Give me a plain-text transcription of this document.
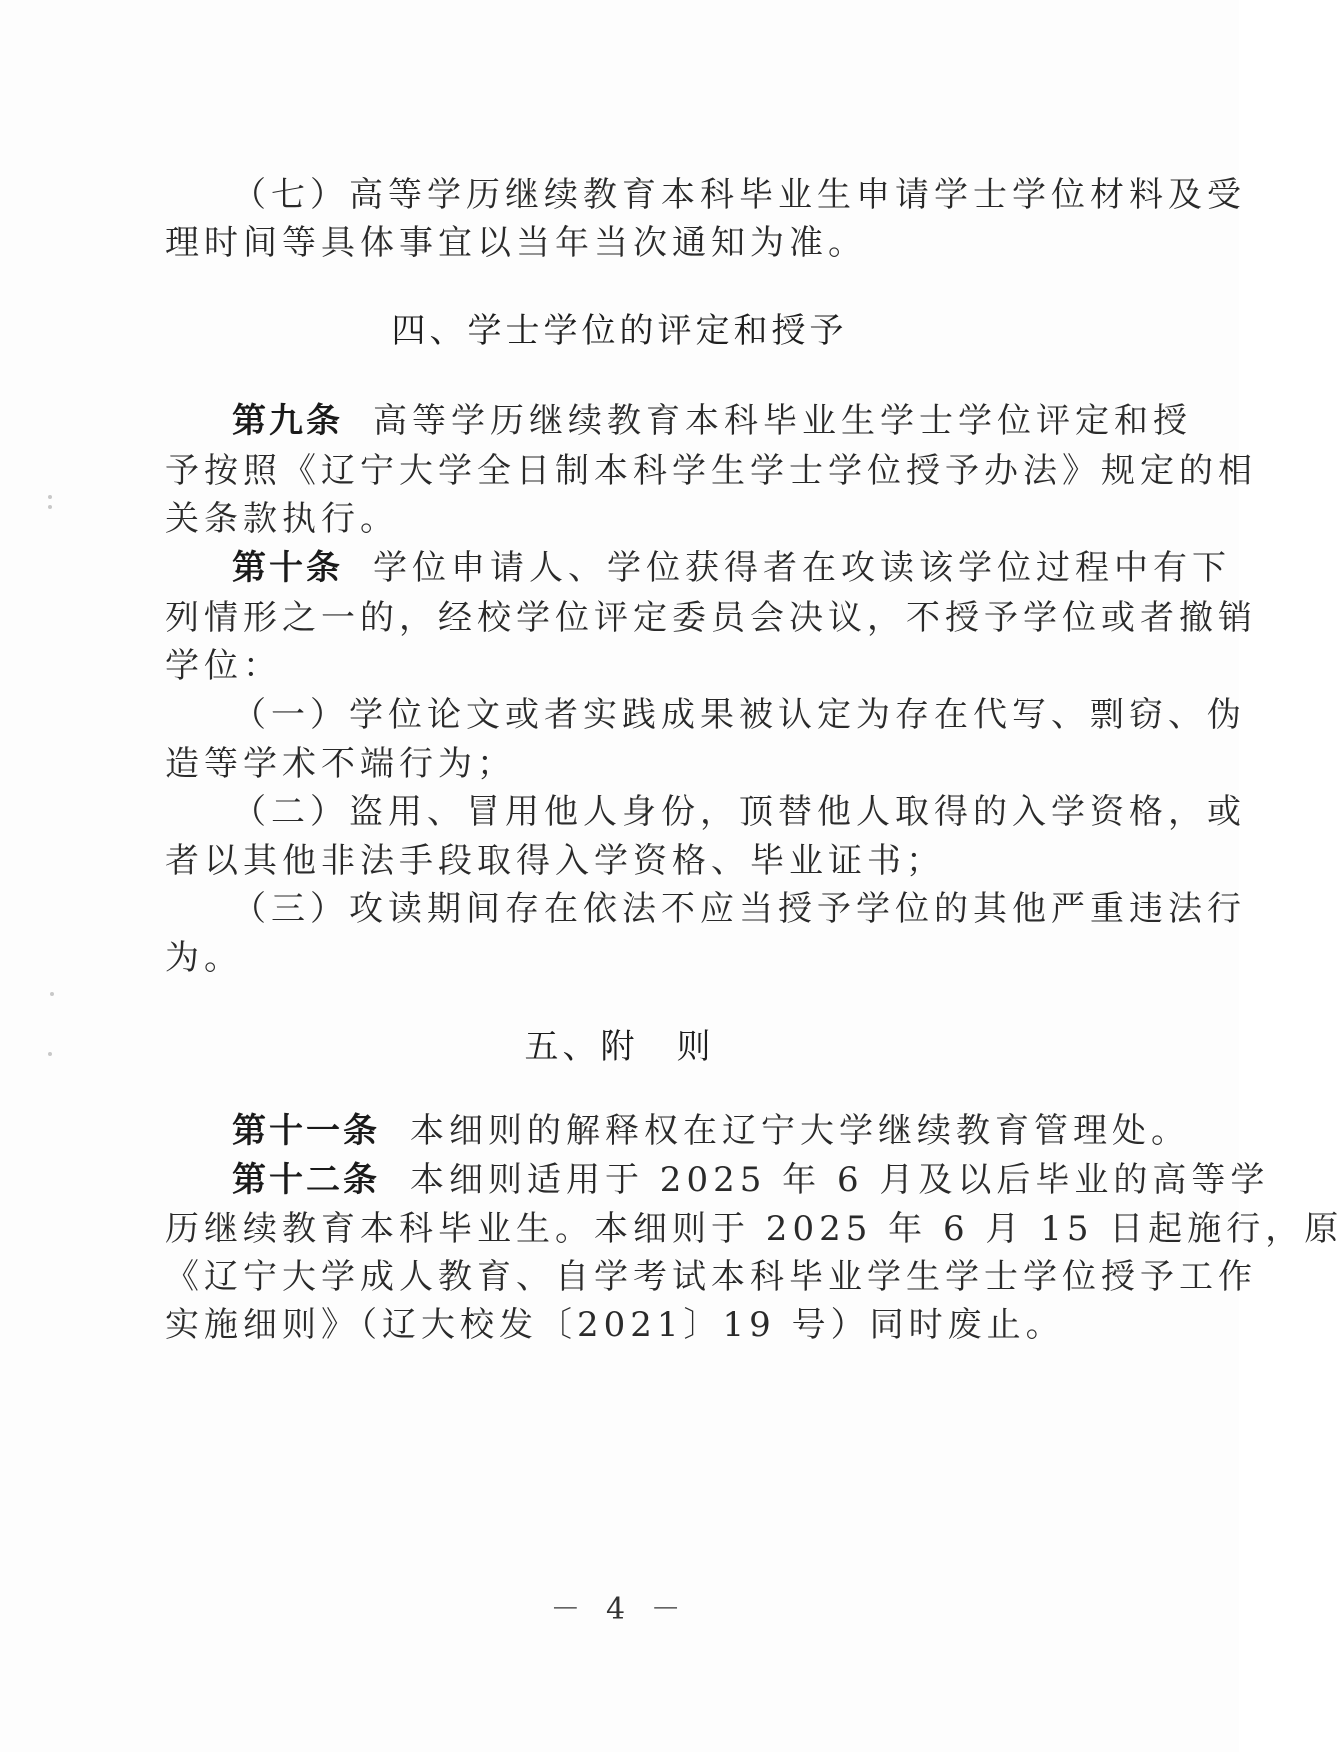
（七）高等学历继续教育本科毕业生申请学士学位材料及受
理时间等具体事宜以当年当次通知为准。
四、学士学位的评定和授予
第九条 高等学历继续教育本科毕业生学士学位评定和授
予按照《辽宁大学全日制本科学生学士学位授予办法》规定的相
关条款执行。
第十条 学位申请人、学位获得者在攻读该学位过程中有下
列情形之一的，经校学位评定委员会决议，不授予学位或者撤销
学位：
（一）学位论文或者实践成果被认定为存在代写、剽窃、伪
造等学术不端行为；
（二）盗用、冒用他人身份，顶替他人取得的入学资格，或
者以其他非法手段取得入学资格、毕业证书；
（三）攻读期间存在依法不应当授予学位的其他严重违法行
为。
五、附　则
第十一条 本细则的解释权在辽宁大学继续教育管理处。
第十二条 本细则适用于 2025 年 6 月及以后毕业的高等学
历继续教育本科毕业生。本细则于 2025 年 6 月 15 日起施行，原
《辽宁大学成人教育、自学考试本科毕业学生学士学位授予工作
实施细则》（辽大校发〔2021〕19 号）同时废止。
－ 4 －
